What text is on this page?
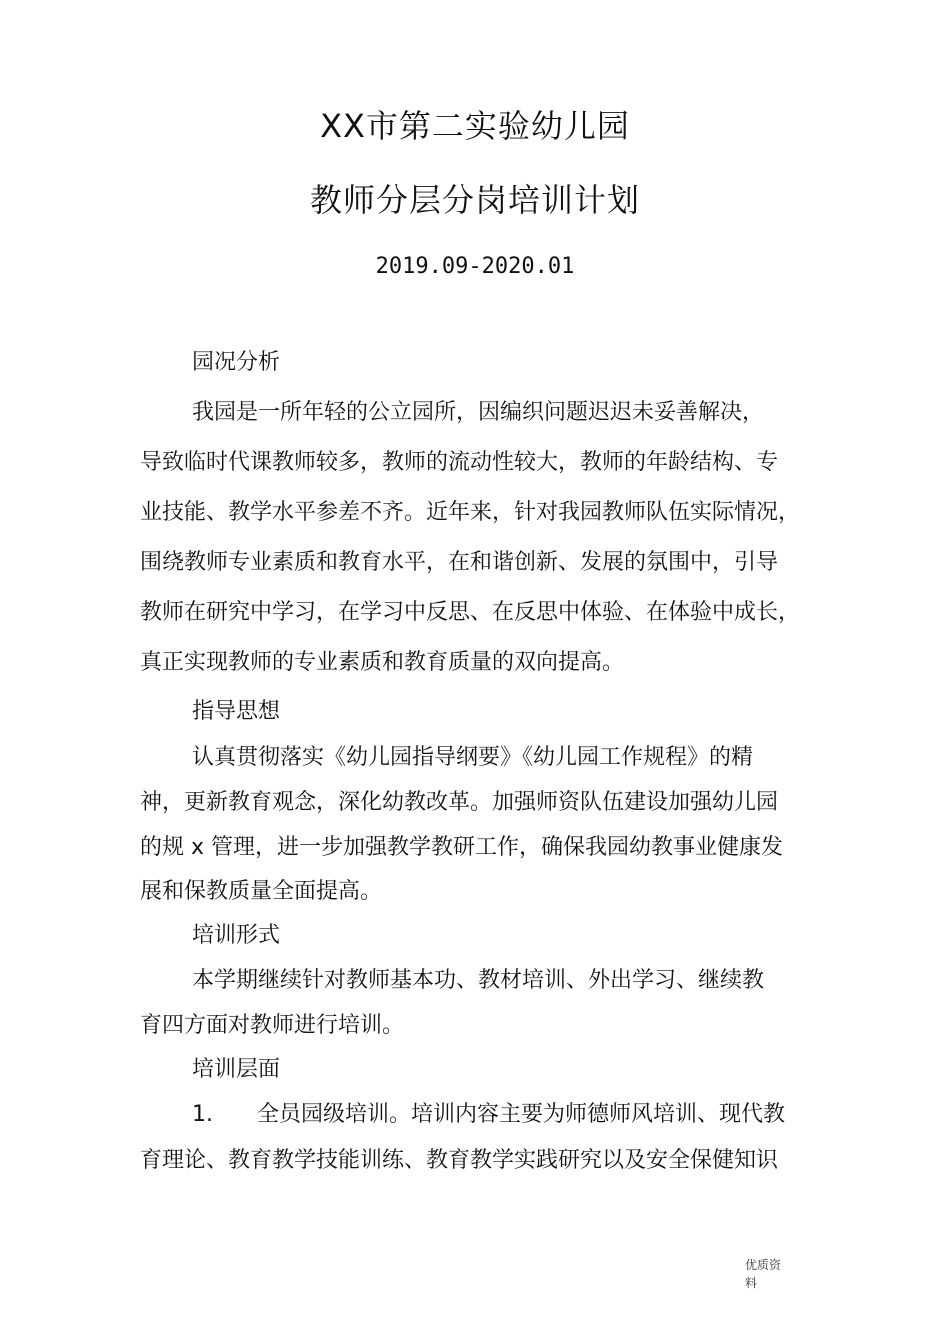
XX市第二实验幼儿园
教师分层分岗培训计划
2019.09-2020.01
园况分析
我园是一所年轻的公立园所，因编织问题迟迟未妥善解决，
导致临时代课教师较多，教师的流动性较大，教师的年龄结构、专
业技能、教学水平参差不齐。近年来，针对我园教师队伍实际情况，
围绕教师专业素质和教育水平，在和谐创新、发展的氛围中，引导
教师在研究中学习，在学习中反思、在反思中体验、在体验中成长，
真正实现教师的专业素质和教育质量的双向提高。
指导思想
认真贯彻落实《幼儿园指导纲要》《幼儿园工作规程》的精
神，更新教育观念，深化幼教改革。加强师资队伍建设加强幼儿园
的规 x 管理，进一步加强教学教研工作，确保我园幼教事业健康发
展和保教质量全面提高。
培训形式
本学期继续针对教师基本功、教材培训、外出学习、继续教
育四方面对教师进行培训。
培训层面
1. 全员园级培训。培训内容主要为师德师风培训、现代教
育理论、教育教学技能训练、教育教学实践研究以及安全保健知识
优质资
料
